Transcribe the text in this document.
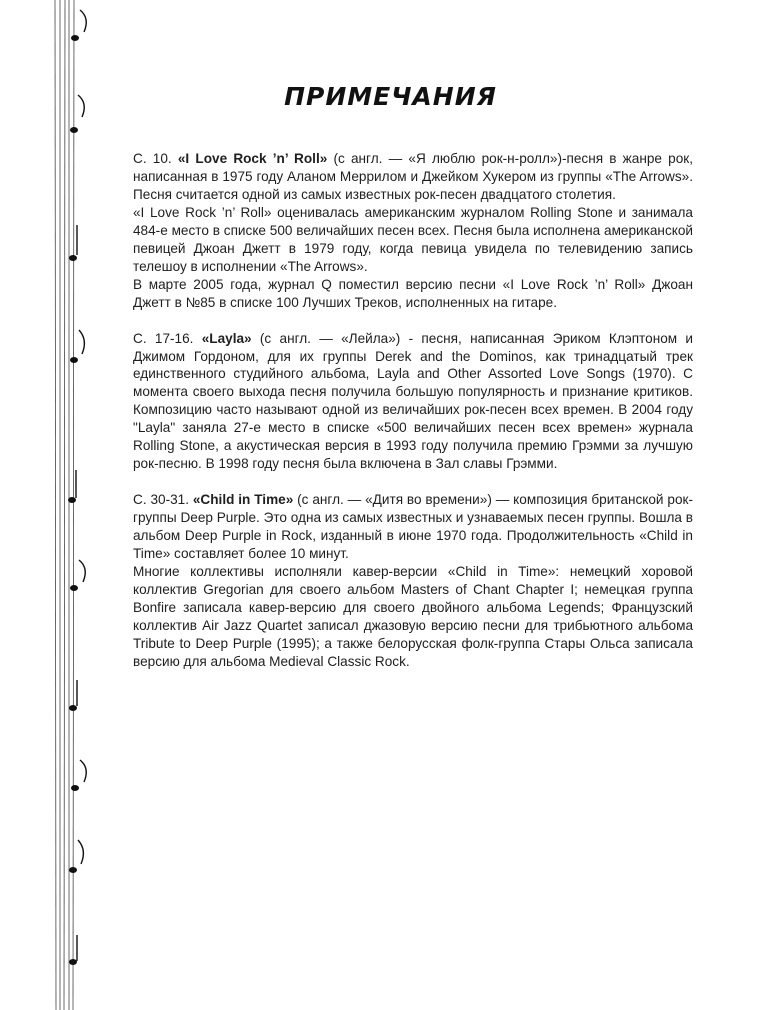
ПРИМЕЧАНИЯ

С. 10. «I Love Rock ’n’ Roll» (с англ. — «Я люблю рок-н-ролл»)-песня в жанре рок, написанная в 1975 году Аланом Меррилом и Джейком Хукером из группы «The Arrows». Песня считается одной из самых известных рок-песен двадцатого столетия.

«I Love Rock ’n’ Roll» оценивалась американским журналом Rolling Stone и занимала 484-е место в списке 500 величайших песен всех. Песня была исполнена американской певицей Джоан Джетт в 1979 году, когда певица увидела по телевидению запись телешоу в исполнении «The Arrows».

В марте 2005 года, журнал Q поместил версию песни «I Love Rock ’n’ Roll» Джоан Джетт в №85 в списке 100 Лучших Треков, исполненных на гитаре.

С. 17-16. «Layla» (с англ. — «Лейла») - песня, написанная Эриком Клэптоном и Джимом Гордоном, для их группы Derek and the Dominos, как тринадцатый трек единственного студийного альбома, Layla and Other Assorted Love Songs (1970). С момента своего выхода песня получила большую популярность и признание критиков. Композицию часто называют одной из величайших рок-песен всех времен. В 2004 году "Layla" заняла 27-е место в списке «500 величайших песен всех времен» журнала Rolling Stone, а акустическая версия в 1993 году получила премию Грэмми за лучшую рок-песню. В 1998 году песня была включена в Зал славы Грэмми.

С. 30-31. «Child in Time» (с англ. — «Дитя во времени») — композиция британской рок-группы Deep Purple. Это одна из самых известных и узнаваемых песен группы. Вошла в альбом Deep Purple in Rock, изданный в июне 1970 года. Продолжительность «Child in Time» составляет более 10 минут.

Многие коллективы исполняли кавер-версии «Child in Time»: немецкий хоровой коллектив Gregorian для своего альбом Masters of Chant Chapter I; немецкая группа Bonfire записала кавер-версию для своего двойного альбома Legends; Французский коллектив Air Jazz Quartet записал джазовую версию песни для трибьютного альбома Tribute to Deep Purple (1995); а также белорусская фолк-группа Стары Ольса записала версию для альбома Medieval Classic Rock.
